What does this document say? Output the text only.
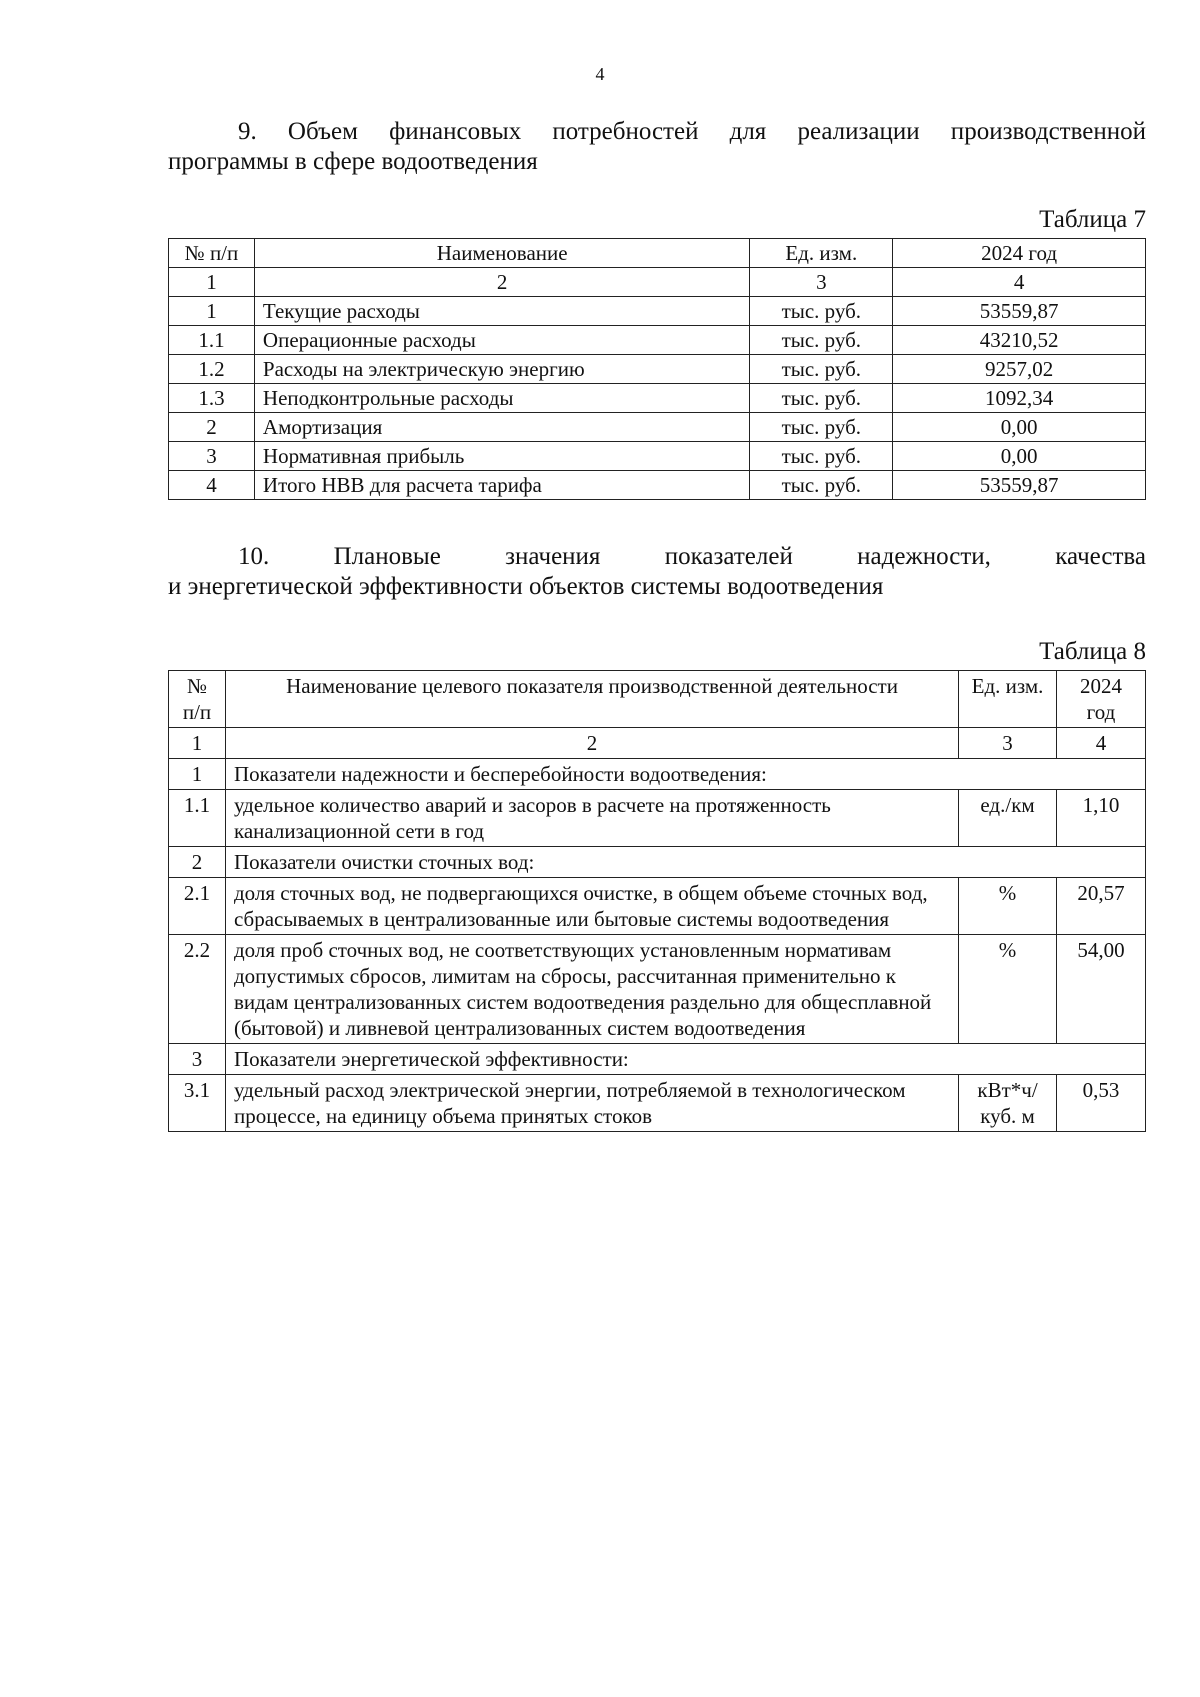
4
9. Объем финансовых потребностей для реализации производственной
программы в сфере водоотведения
Таблица 7
№ п/п	Наименование	Ед. изм.	2024 год
1	2	3	4
1	Текущие расходы	тыс. руб.	53559,87
1.1	Операционные расходы	тыс. руб.	43210,52
1.2	Расходы на электрическую энергию	тыс. руб.	9257,02
1.3	Неподконтрольные расходы	тыс. руб.	1092,34
2	Амортизация	тыс. руб.	0,00
3	Нормативная прибыль	тыс. руб.	0,00
4	Итого НВВ для расчета тарифа	тыс. руб.	53559,87
10. Плановые значения показателей надежности, качества
и энергетической эффективности объектов системы водоотведения
Таблица 8
№ п/п	Наименование целевого показателя производственной деятельности	Ед. изм.	2024 год
1	2	3	4
1	Показатели надежности и бесперебойности водоотведения:		
1.1	удельное количество аварий и засоров в расчете на протяженность канализационной сети в год	ед./км	1,10
2	Показатели очистки сточных вод:		
2.1	доля сточных вод, не подвергающихся очистке, в общем объеме сточных вод, сбрасываемых в централизованные или бытовые системы водоотведения	%	20,57
2.2	доля проб сточных вод, не соответствующих установленным нормативам допустимых сбросов, лимитам на сбросы, рассчитанная применительно к видам централизованных систем водоотведения раздельно для общесплавной (бытовой) и ливневой централизованных систем водоотведения	%	54,00
3	Показатели энергетической эффективности:		
3.1	удельный расход электрической энергии, потребляемой в технологическом процессе, на единицу объема принятых стоков	кВт*ч/ куб. м	0,53
